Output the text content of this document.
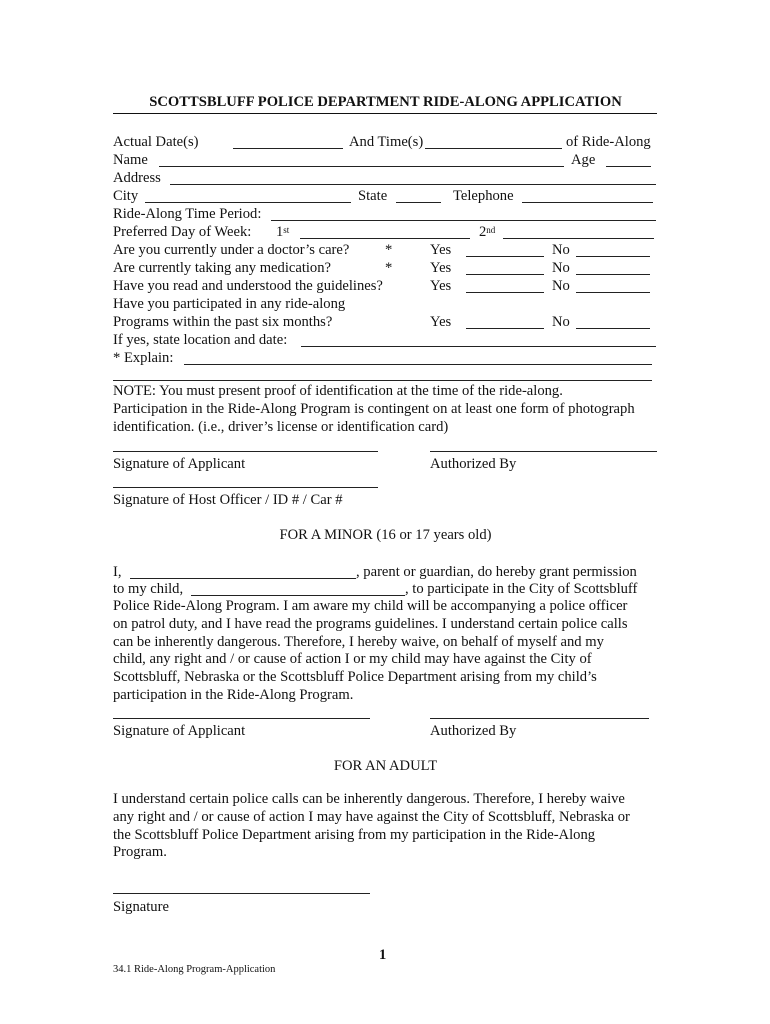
SCOTTSBLUFF POLICE DEPARTMENT RIDE-ALONG APPLICATION
Actual Date(s)	And Time(s)	of Ride-Along
Name	Age
Address
City	State	Telephone
Ride-Along Time Period:
Preferred Day of Week: 1st	2nd
Are you currently under a doctor’s care? *	Yes	No
Are currently taking any medication?	*	Yes	No
Have you read and understood the guidelines?	Yes	No
Have you participated in any ride-along
Programs within the past six months?	Yes	No
If yes, state location and date:
* Explain:
NOTE: You must present proof of identification at the time of the ride-along.
Participation in the Ride-Along Program is contingent on at least one form of photograph
identification. (i.e., driver’s license or identification card)
Signature of Applicant	Authorized By
Signature of Host Officer / ID # / Car #
FOR A MINOR (16 or 17 years old)
I,	, parent or guardian, do hereby grant permission
to my child,	, to participate in the City of Scottsbluff
Police Ride-Along Program. I am aware my child will be accompanying a police officer
on patrol duty, and I have read the programs guidelines. I understand certain police calls
can be inherently dangerous. Therefore, I hereby waive, on behalf of myself and my
child, any right and / or cause of action I or my child may have against the City of
Scottsbluff, Nebraska or the Scottsbluff Police Department arising from my child’s
participation in the Ride-Along Program.
Signature of Applicant	Authorized By
FOR AN ADULT
I understand certain police calls can be inherently dangerous. Therefore, I hereby waive
any right and / or cause of action I may have against the City of Scottsbluff, Nebraska or
the Scottsbluff Police Department arising from my participation in the Ride-Along
Program.
Signature
1
34.1 Ride-Along Program-Application
